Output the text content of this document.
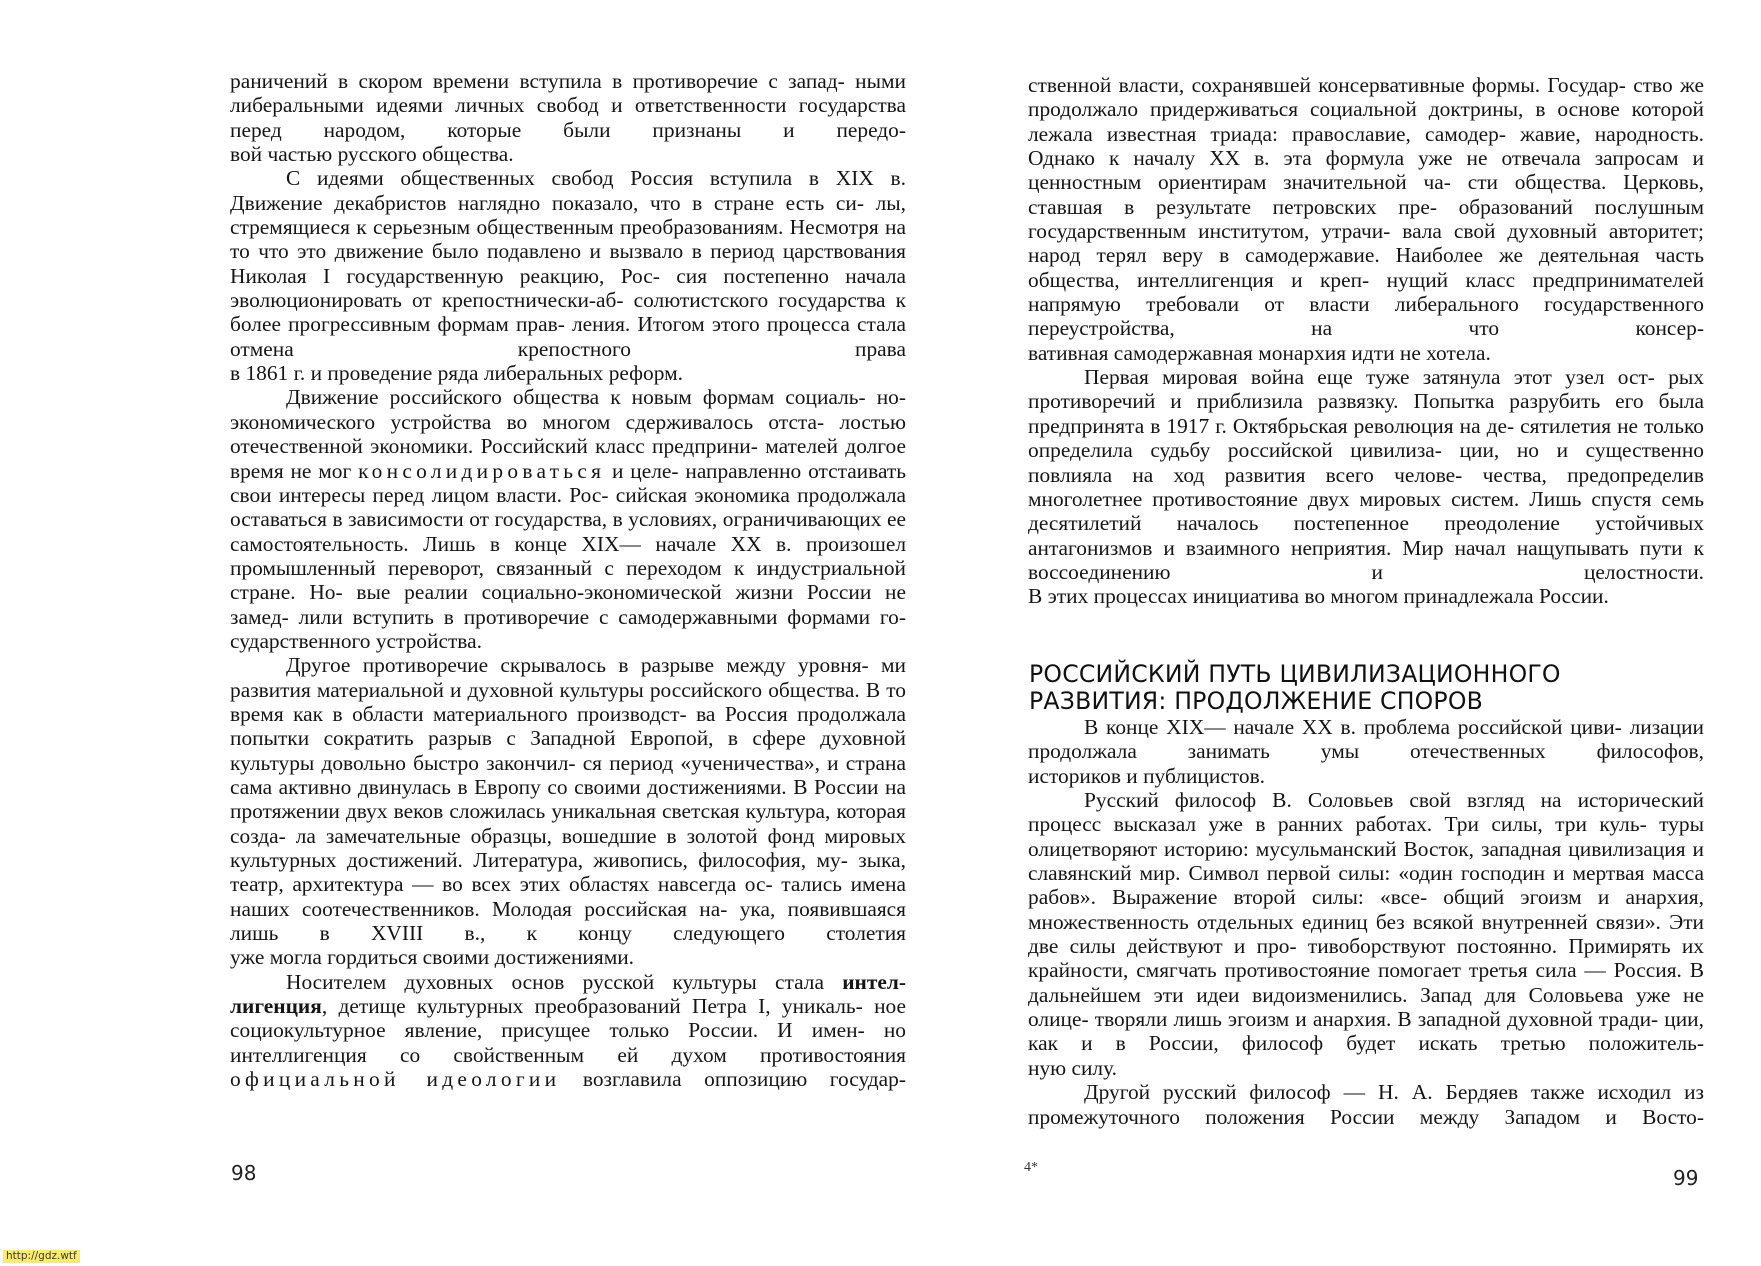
раничений в скором времени вступила в противоречие с запад- ными либеральными идеями личных свобод и ответственности государства перед народом, которые были признаны и передо-

вой частью русского общества.

С идеями общественных свобод Россия вступила в XIX в. Движение декабристов наглядно показало, что в стране есть си- лы, стремящиеся к серьезным общественным преобразованиям. Несмотря на то что это движение было подавлено и вызвало в период царствования Николая I государственную реакцию, Рос- сия постепенно начала эволюционировать от крепостнически-аб- солютистского государства к более прогрессивным формам прав- ления. Итогом этого процесса стала отмена крепостного права

в 1861 г. и проведение ряда либеральных реформ.

Движение российского общества к новым формам социаль- но-экономического устройства во многом сдерживалось отста- лостью отечественной экономики. Российский класс предприни- мателей долгое время не мог консолидироваться и целе- направленно отстаивать свои интересы перед лицом власти. Рос- сийская экономика продолжала оставаться в зависимости от государства, в условиях, ограничивающих ее самостоятельность. Лишь в конце XIX— начале XX в. произошел промышленный переворот, связанный с переходом к индустриальной стране. Но- вые реалии социально-экономической жизни России не замед- лили вступить в противоречие с самодержавными формами го-

сударственного устройства.

Другое противоречие скрывалось в разрыве между уровня- ми развития материальной и духовной культуры российского общества. В то время как в области материального производст- ва Россия продолжала попытки сократить разрыв с Западной Европой, в сфере духовной культуры довольно быстро закончил- ся период «ученичества», и страна сама активно двинулась в Европу со своими достижениями. В России на протяжении двух веков сложилась уникальная светская культура, которая созда- ла замечательные образцы, вошедшие в золотой фонд мировых культурных достижений. Литература, живопись, философия, му- зыка, театр, архитектура — во всех этих областях навсегда ос- тались имена наших соотечественников. Молодая российская на- ука, появившаяся лишь в XVIII в., к концу следующего столетия

уже могла гордиться своими достижениями.

Носителем духовных основ русской культуры стала интел- лигенция, детище культурных преобразований Петра I, уникаль- ное социокультурное явление, присущее только России. И имен- но интеллигенция со свойственным ей духом противостояния официальной идеологии возглавила оппозицию государ-

98

ственной власти, сохранявшей консервативные формы. Государ- ство же продолжало придерживаться социальной доктрины, в основе которой лежала известная триада: православие, самодер- жавие, народность. Однако к началу XX в. эта формула уже не отвечала запросам и ценностным ориентирам значительной ча- сти общества. Церковь, ставшая в результате петровских пре- образований послушным государственным институтом, утрачи- вала свой духовный авторитет; народ терял веру в самодержавие. Наиболее же деятельная часть общества, интеллигенция и креп- нущий класс предпринимателей напрямую требовали от власти либерального государственного переустройства, на что консер-

вативная самодержавная монархия идти не хотела.

Первая мировая война еще туже затянула этот узел ост- рых противоречий и приблизила развязку. Попытка разрубить его была предпринята в 1917 г. Октябрьская революция на де- сятилетия не только определила судьбу российской цивилиза- ции, но и существенно повлияла на ход развития всего челове- чества, предопределив многолетнее противостояние двух мировых систем. Лишь спустя семь десятилетий началось постепенное преодоление устойчивых антагонизмов и взаимного неприятия. Мир начал нащупывать пути к воссоединению и целостности.

В этих процессах инициатива во многом принадлежала России.

РОССИЙСКИЙ ПУТЬ ЦИВИЛИЗАЦИОННОГО
РАЗВИТИЯ: ПРОДОЛЖЕНИЕ СПОРОВ

В конце XIX— начале XX в. проблема российской циви- лизации продолжала занимать умы отечественных философов,

историков и публицистов.

Русский философ В. Соловьев свой взгляд на исторический процесс высказал уже в ранних работах. Три силы, три куль- туры олицетворяют историю: мусульманский Восток, западная цивилизация и славянский мир. Символ первой силы: «один господин и мертвая масса рабов». Выражение второй силы: «все- общий эгоизм и анархия, множественность отдельных единиц без всякой внутренней связи». Эти две силы действуют и про- тивоборствуют постоянно. Примирять их крайности, смягчать противостояние помогает третья сила — Россия. В дальнейшем эти идеи видоизменились. Запад для Соловьева уже не олице- творяли лишь эгоизм и анархия. В западной духовной тради- ции, как и в России, философ будет искать третью положитель-

ную силу.

Другой русский философ — Н. А. Бердяев также исходил из промежуточного положения России между Западом и Восто-

4*	99
http://gdz.wtf
